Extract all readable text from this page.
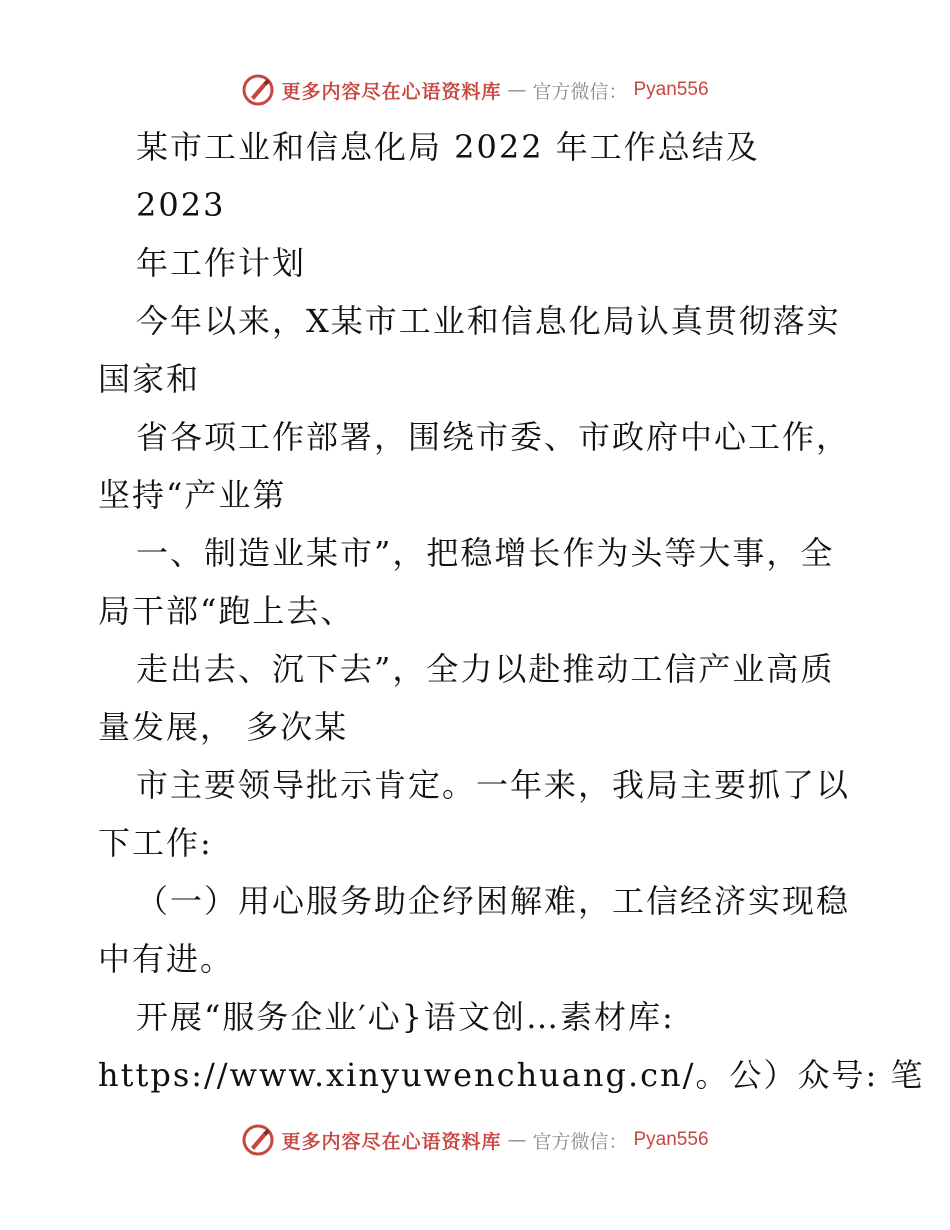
更多内容尽在心语资料库 — 官方微信： Pyan556
某市工业和信息化局 2022 年工作总结及
2023
年工作计划
今年以来，X某市工业和信息化局认真贯彻落实
国家和
省各项工作部署，围绕市委、市政府中心工作，
坚持“产业第
一、制造业某市”，把稳增长作为头等大事，全
局干部“跑上去、
走出去、沉下去”，全力以赴推动工信产业高质
量发展， 多次某
市主要领导批示肯定。一年来，我局主要抓了以
下工作:
（一）用心服务助企纾困解难，工信经济实现稳
中有进。
开展“服务企业′心}语文创…素材库:
https://www.xinyuwenchuang.cn/。公）众号: 笔
更多内容尽在心语资料库 — 官方微信： Pyan556
